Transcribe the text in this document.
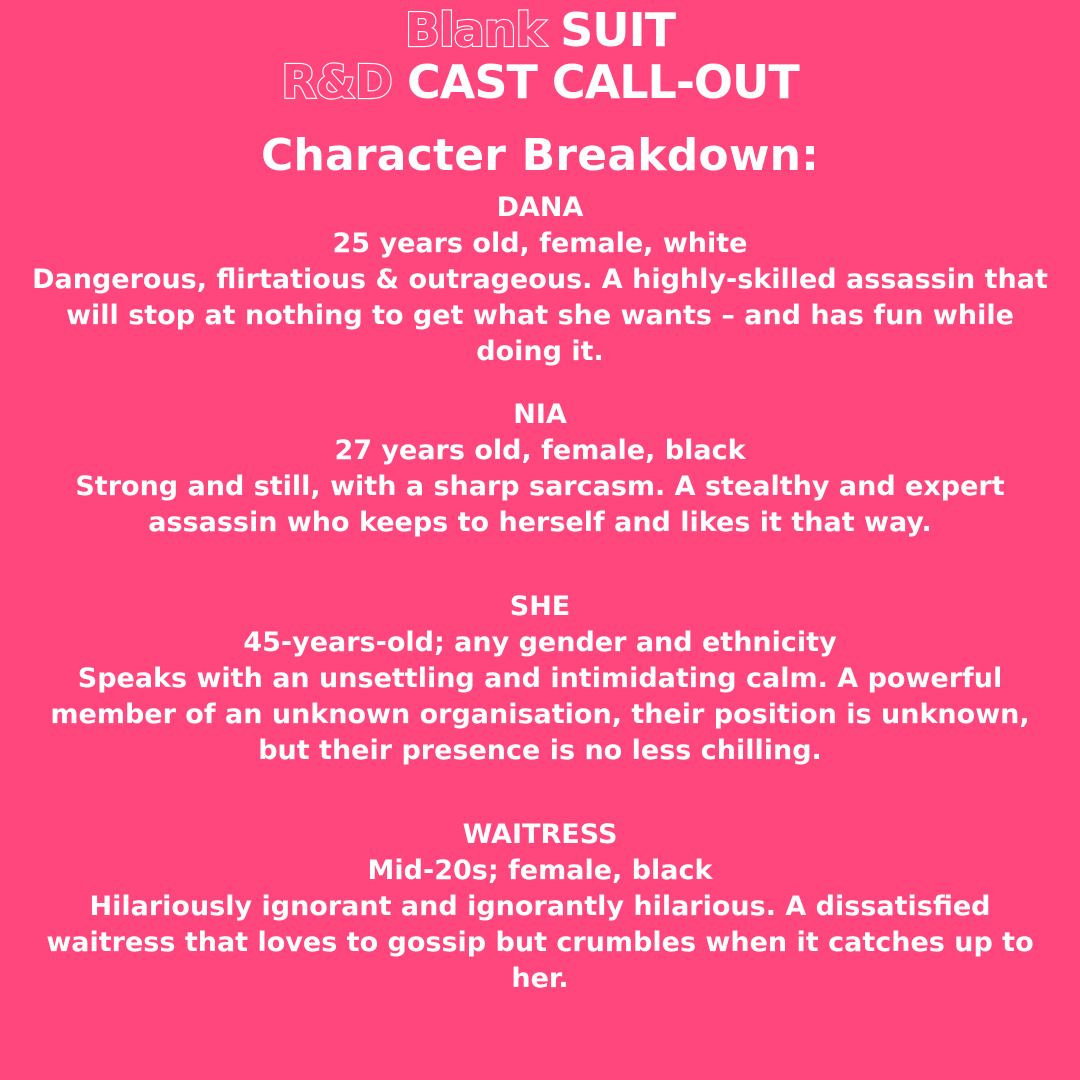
Blank SUIT
R&D CAST CALL-OUT
Character Breakdown:
DANA
25 years old, female, white
Dangerous, flirtatious & outrageous. A highly-skilled assassin that
will stop at nothing to get what she wants – and has fun while
doing it.
NIA
27 years old, female, black
Strong and still, with a sharp sarcasm. A stealthy and expert
assassin who keeps to herself and likes it that way.
SHE
45-years-old; any gender and ethnicity
Speaks with an unsettling and intimidating calm. A powerful
member of an unknown organisation, their position is unknown,
but their presence is no less chilling.
WAITRESS
Mid-20s; female, black
Hilariously ignorant and ignorantly hilarious. A dissatisfied
waitress that loves to gossip but crumbles when it catches up to
her.
